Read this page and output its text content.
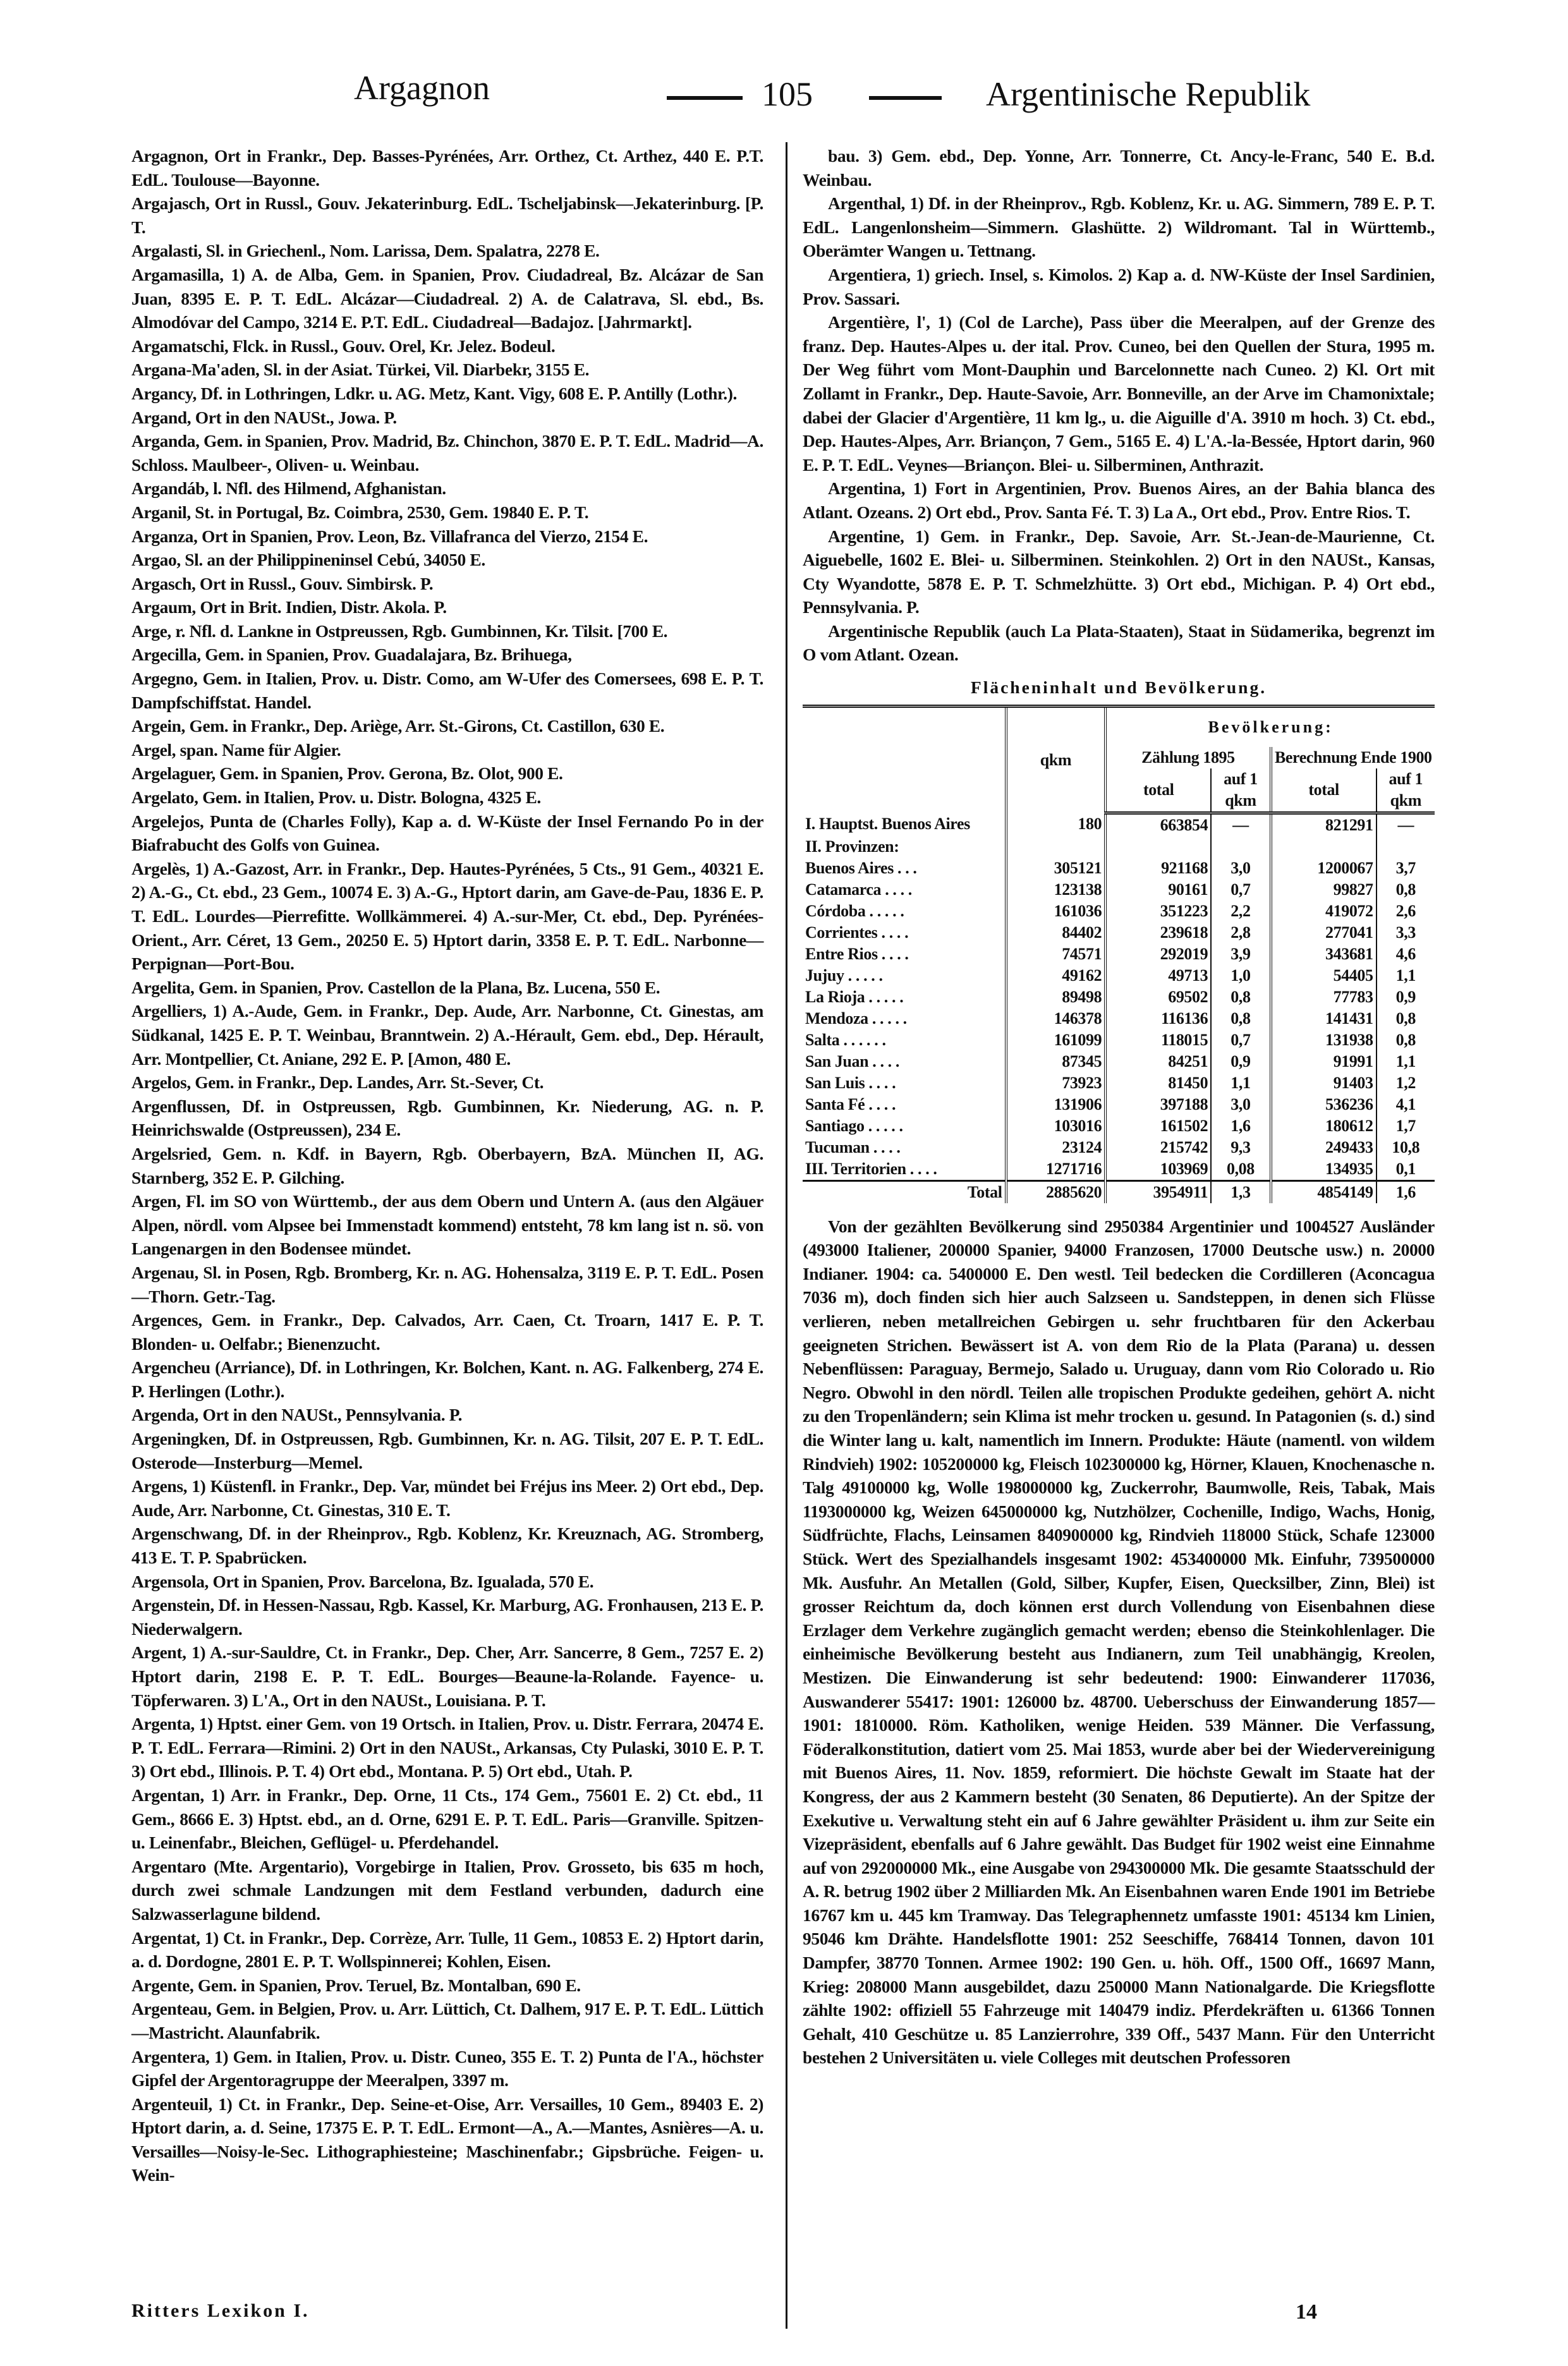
Argagnon	105	Argentinische Republik

Argagnon, Ort in Frankr., Dep. Basses-Pyrénées, Arr. Orthez, Ct. Arthez, 440 E. P.T. EdL. Toulouse—Bayonne.

Argajasch, Ort in Russl., Gouv. Jekaterinburg. EdL. Tscheljabinsk—Jekaterinburg. [P. T.

Argalasti, Sl. in Griechenl., Nom. Larissa, Dem. Spalatra, 2278 E.

Argamasilla, 1) A. de Alba, Gem. in Spanien, Prov. Ciudadreal, Bz. Alcázar de San Juan, 8395 E. P. T. EdL. Alcázar—Ciudadreal. 2) A. de Calatrava, Sl. ebd., Bs. Almodóvar del Campo, 3214 E. P.T. EdL. Ciudadreal—Badajoz. [Jahrmarkt].

Argamatschi, Flck. in Russl., Gouv. Orel, Kr. Jelez. Bodeul.

Argana-Ma'aden, Sl. in der Asiat. Türkei, Vil. Diarbekr, 3155 E.

Argancy, Df. in Lothringen, Ldkr. u. AG. Metz, Kant. Vigy, 608 E. P. Antilly (Lothr.).

Argand, Ort in den NAUSt., Jowa. P.

Arganda, Gem. in Spanien, Prov. Madrid, Bz. Chinchon, 3870 E. P. T. EdL. Madrid—A. Schloss. Maulbeer-, Oliven- u. Weinbau.

Argandáb, l. Nfl. des Hilmend, Afghanistan.

Arganil, St. in Portugal, Bz. Coimbra, 2530, Gem. 19840 E. P. T.

Arganza, Ort in Spanien, Prov. Leon, Bz. Villafranca del Vierzo, 2154 E.

Argao, Sl. an der Philippineninsel Cebú, 34050 E.

Argasch, Ort in Russl., Gouv. Simbirsk. P.

Argaum, Ort in Brit. Indien, Distr. Akola. P.

Arge, r. Nfl. d. Lankne in Ostpreussen, Rgb. Gumbinnen, Kr. Tilsit. [700 E.

Argecilla, Gem. in Spanien, Prov. Guadalajara, Bz. Brihuega,

Argegno, Gem. in Italien, Prov. u. Distr. Como, am W-Ufer des Comersees, 698 E. P. T. Dampfschiffstat. Handel.

Argein, Gem. in Frankr., Dep. Ariège, Arr. St.-Girons, Ct. Castillon, 630 E.

Argel, span. Name für Algier.

Argelaguer, Gem. in Spanien, Prov. Gerona, Bz. Olot, 900 E.

Argelato, Gem. in Italien, Prov. u. Distr. Bologna, 4325 E.

Argelejos, Punta de (Charles Folly), Kap a. d. W-Küste der Insel Fernando Po in der Biafrabucht des Golfs von Guinea.

Argelès, 1) A.-Gazost, Arr. in Frankr., Dep. Hautes-Pyrénées, 5 Cts., 91 Gem., 40321 E. 2) A.-G., Ct. ebd., 23 Gem., 10074 E. 3) A.-G., Hptort darin, am Gave-de-Pau, 1836 E. P. T. EdL. Lourdes—Pierrefitte. Wollkämmerei. 4) A.-sur-Mer, Ct. ebd., Dep. Pyrénées-Orient., Arr. Céret, 13 Gem., 20250 E. 5) Hptort darin, 3358 E. P. T. EdL. Narbonne—Perpignan—Port-Bou.

Argelita, Gem. in Spanien, Prov. Castellon de la Plana, Bz. Lucena, 550 E.

Argelliers, 1) A.-Aude, Gem. in Frankr., Dep. Aude, Arr. Narbonne, Ct. Ginestas, am Südkanal, 1425 E. P. T. Weinbau, Branntwein. 2) A.-Hérault, Gem. ebd., Dep. Hérault, Arr. Montpellier, Ct. Aniane, 292 E. P. [Amon, 480 E.

Argelos, Gem. in Frankr., Dep. Landes, Arr. St.-Sever, Ct.

Argenflussen, Df. in Ostpreussen, Rgb. Gumbinnen, Kr. Niederung, AG. n. P. Heinrichswalde (Ostpreussen), 234 E.

Argelsried, Gem. n. Kdf. in Bayern, Rgb. Oberbayern, BzA. München II, AG. Starnberg, 352 E. P. Gilching.

Argen, Fl. im SO von Württemb., der aus dem Obern und Untern A. (aus den Algäuer Alpen, nördl. vom Alpsee bei Immenstadt kommend) entsteht, 78 km lang ist n. sö. von Langenargen in den Bodensee mündet.

Argenau, Sl. in Posen, Rgb. Bromberg, Kr. n. AG. Hohensalza, 3119 E. P. T. EdL. Posen—Thorn. Getr.-Tag.

Argences, Gem. in Frankr., Dep. Calvados, Arr. Caen, Ct. Troarn, 1417 E. P. T. Blonden- u. Oelfabr.; Bienenzucht.

Argencheu (Arriance), Df. in Lothringen, Kr. Bolchen, Kant. n. AG. Falkenberg, 274 E. P. Herlingen (Lothr.).

Argenda, Ort in den NAUSt., Pennsylvania. P.

Argeningken, Df. in Ostpreussen, Rgb. Gumbinnen, Kr. n. AG. Tilsit, 207 E. P. T. EdL. Osterode—Insterburg—Memel.

Argens, 1) Küstenfl. in Frankr., Dep. Var, mündet bei Fréjus ins Meer. 2) Ort ebd., Dep. Aude, Arr. Narbonne, Ct. Ginestas, 310 E. T.

Argenschwang, Df. in der Rheinprov., Rgb. Koblenz, Kr. Kreuznach, AG. Stromberg, 413 E. T. P. Spabrücken.

Argensola, Ort in Spanien, Prov. Barcelona, Bz. Igualada, 570 E.

Argenstein, Df. in Hessen-Nassau, Rgb. Kassel, Kr. Marburg, AG. Fronhausen, 213 E. P. Niederwalgern.

Argent, 1) A.-sur-Sauldre, Ct. in Frankr., Dep. Cher, Arr. Sancerre, 8 Gem., 7257 E. 2) Hptort darin, 2198 E. P. T. EdL. Bourges—Beaune-la-Rolande. Fayence- u. Töpferwaren. 3) L'A., Ort in den NAUSt., Louisiana. P. T.

Argenta, 1) Hptst. einer Gem. von 19 Ortsch. in Italien, Prov. u. Distr. Ferrara, 20474 E. P. T. EdL. Ferrara—Rimini. 2) Ort in den NAUSt., Arkansas, Cty Pulaski, 3010 E. P. T. 3) Ort ebd., Illinois. P. T. 4) Ort ebd., Montana. P. 5) Ort ebd., Utah. P.

Argentan, 1) Arr. in Frankr., Dep. Orne, 11 Cts., 174 Gem., 75601 E. 2) Ct. ebd., 11 Gem., 8666 E. 3) Hptst. ebd., an d. Orne, 6291 E. P. T. EdL. Paris—Granville. Spitzen- u. Leinenfabr., Bleichen, Geflügel- u. Pferdehandel.

Argentaro (Mte. Argentario), Vorgebirge in Italien, Prov. Grosseto, bis 635 m hoch, durch zwei schmale Landzungen mit dem Festland verbunden, dadurch eine Salzwasserlagune bildend.

Argentat, 1) Ct. in Frankr., Dep. Corrèze, Arr. Tulle, 11 Gem., 10853 E. 2) Hptort darin, a. d. Dordogne, 2801 E. P. T. Wollspinnerei; Kohlen, Eisen.

Argente, Gem. in Spanien, Prov. Teruel, Bz. Montalban, 690 E.

Argenteau, Gem. in Belgien, Prov. u. Arr. Lüttich, Ct. Dalhem, 917 E. P. T. EdL. Lüttich—Mastricht. Alaunfabrik.

Argentera, 1) Gem. in Italien, Prov. u. Distr. Cuneo, 355 E. T. 2) Punta de l'A., höchster Gipfel der Argentoragruppe der Meeralpen, 3397 m.

Argenteuil, 1) Ct. in Frankr., Dep. Seine-et-Oise, Arr. Versailles, 10 Gem., 89403 E. 2) Hptort darin, a. d. Seine, 17375 E. P. T. EdL. Ermont—A., A.—Mantes, Asnières—A. u. Versailles—Noisy-le-Sec. Lithographiesteine; Maschinenfabr.; Gipsbrüche. Feigen- u. Wein-

bau. 3) Gem. ebd., Dep. Yonne, Arr. Tonnerre, Ct. Ancy-le-Franc, 540 E. B.d. Weinbau.

Argenthal, 1) Df. in der Rheinprov., Rgb. Koblenz, Kr. u. AG. Simmern, 789 E. P. T. EdL. Langenlonsheim—Simmern. Glashütte. 2) Wildromant. Tal in Württemb., Oberämter Wangen u. Tettnang.

Argentiera, 1) griech. Insel, s. Kimolos. 2) Kap a. d. NW-Küste der Insel Sardinien, Prov. Sassari.

Argentière, l', 1) (Col de Larche), Pass über die Meeralpen, auf der Grenze des franz. Dep. Hautes-Alpes u. der ital. Prov. Cuneo, bei den Quellen der Stura, 1995 m. Der Weg führt vom Mont-Dauphin und Barcelonnette nach Cuneo. 2) Kl. Ort mit Zollamt in Frankr., Dep. Haute-Savoie, Arr. Bonneville, an der Arve im Chamonixtale; dabei der Glacier d'Argentière, 11 km lg., u. die Aiguille d'A. 3910 m hoch. 3) Ct. ebd., Dep. Hautes-Alpes, Arr. Briançon, 7 Gem., 5165 E. 4) L'A.-la-Bessée, Hptort darin, 960 E. P. T. EdL. Veynes—Briançon. Blei- u. Silberminen, Anthrazit.

Argentina, 1) Fort in Argentinien, Prov. Buenos Aires, an der Bahia blanca des Atlant. Ozeans. 2) Ort ebd., Prov. Santa Fé. T. 3) La A., Ort ebd., Prov. Entre Rios. T.

Argentine, 1) Gem. in Frankr., Dep. Savoie, Arr. St.-Jean-de-Maurienne, Ct. Aiguebelle, 1602 E. Blei- u. Silberminen. Steinkohlen. 2) Ort in den NAUSt., Kansas, Cty Wyandotte, 5878 E. P. T. Schmelzhütte. 3) Ort ebd., Michigan. P. 4) Ort ebd., Pennsylvania. P.

Argentinische Republik (auch La Plata-Staaten), Staat in Südamerika, begrenzt im O vom Atlant. Ozean.

Flächeninhalt und Bevölkerung.
	qkm	Bevölkerung:			
		Zählung 1895		Berechnung Ende 1900	
		total	auf 1 qkm	total	auf 1 qkm
I. Hauptst. Buenos Aires	180	663854	—	821291	—
II. Provinzen:					
Buenos Aires . . .	305121	921168	3,0	1200067	3,7
Catamarca . . . .	123138	90161	0,7	99827	0,8
Córdoba . . . . .	161036	351223	2,2	419072	2,6
Corrientes . . . .	84402	239618	2,8	277041	3,3
Entre Rios . . . .	74571	292019	3,9	343681	4,6
Jujuy . . . . .	49162	49713	1,0	54405	1,1
La Rioja . . . . .	89498	69502	0,8	77783	0,9
Mendoza . . . . .	146378	116136	0,8	141431	0,8
Salta . . . . . .	161099	118015	0,7	131938	0,8
San Juan . . . .	87345	84251	0,9	91991	1,1
San Luis . . . .	73923	81450	1,1	91403	1,2
Santa Fé . . . .	131906	397188	3,0	536236	4,1
Santiago . . . . .	103016	161502	1,6	180612	1,7
Tucuman . . . .	23124	215742	9,3	249433	10,8
III. Territorien . . . .	1271716	103969	0,08	134935	0,1
Total	2885620	3954911	1,3	4854149	1,6

Von der gezählten Bevölkerung sind 2950384 Argentinier und 1004527 Ausländer (493000 Italiener, 200000 Spanier, 94000 Franzosen, 17000 Deutsche usw.) n. 20000 Indianer. 1904: ca. 5400000 E. Den westl. Teil bedecken die Cordilleren (Aconcagua 7036 m), doch finden sich hier auch Salzseen u. Sandsteppen, in denen sich Flüsse verlieren, neben metallreichen Gebirgen u. sehr fruchtbaren für den Ackerbau geeigneten Strichen. Bewässert ist A. von dem Rio de la Plata (Parana) u. dessen Nebenflüssen: Paraguay, Bermejo, Salado u. Uruguay, dann vom Rio Colorado u. Rio Negro. Obwohl in den nördl. Teilen alle tropischen Produkte gedeihen, gehört A. nicht zu den Tropenländern; sein Klima ist mehr trocken u. gesund. In Patagonien (s. d.) sind die Winter lang u. kalt, namentlich im Innern. Produkte: Häute (namentl. von wildem Rindvieh) 1902: 105200000 kg, Fleisch 102300000 kg, Hörner, Klauen, Knochenasche n. Talg 49100000 kg, Wolle 198000000 kg, Zuckerrohr, Baumwolle, Reis, Tabak, Mais 1193000000 kg, Weizen 645000000 kg, Nutzhölzer, Cochenille, Indigo, Wachs, Honig, Südfrüchte, Flachs, Leinsamen 840900000 kg, Rindvieh 118000 Stück, Schafe 123000 Stück. Wert des Spezialhandels insgesamt 1902: 453400000 Mk. Einfuhr, 739500000 Mk. Ausfuhr. An Metallen (Gold, Silber, Kupfer, Eisen, Quecksilber, Zinn, Blei) ist grosser Reichtum da, doch können erst durch Vollendung von Eisenbahnen diese Erzlager dem Verkehre zugänglich gemacht werden; ebenso die Steinkohlenlager. Die einheimische Bevölkerung besteht aus Indianern, zum Teil unabhängig, Kreolen, Mestizen. Die Einwanderung ist sehr bedeutend: 1900: Einwanderer 117036, Auswanderer 55417: 1901: 126000 bz. 48700. Ueberschuss der Einwanderung 1857—1901: 1810000. Röm. Katholiken, wenige Heiden. 539 Männer. Die Verfassung, Föderalkonstitution, datiert vom 25. Mai 1853, wurde aber bei der Wiedervereinigung mit Buenos Aires, 11. Nov. 1859, reformiert. Die höchste Gewalt im Staate hat der Kongress, der aus 2 Kammern besteht (30 Senaten, 86 Deputierte). An der Spitze der Exekutive u. Verwaltung steht ein auf 6 Jahre gewählter Präsident u. ihm zur Seite ein Vizepräsident, ebenfalls auf 6 Jahre gewählt. Das Budget für 1902 weist eine Einnahme auf von 292000000 Mk., eine Ausgabe von 294300000 Mk. Die gesamte Staatsschuld der A. R. betrug 1902 über 2 Milliarden Mk. An Eisenbahnen waren Ende 1901 im Betriebe 16767 km u. 445 km Tramway. Das Telegraphennetz umfasste 1901: 45134 km Linien, 95046 km Drähte. Handelsflotte 1901: 252 Seeschiffe, 768414 Tonnen, davon 101 Dampfer, 38770 Tonnen. Armee 1902: 190 Gen. u. höh. Off., 1500 Off., 16697 Mann, Krieg: 208000 Mann ausgebildet, dazu 250000 Mann Nationalgarde. Die Kriegsflotte zählte 1902: offiziell 55 Fahrzeuge mit 140479 indiz. Pferdekräften u. 61366 Tonnen Gehalt, 410 Geschütze u. 85 Lanzierrohre, 339 Off., 5437 Mann. Für den Unterricht bestehen 2 Universitäten u. viele Colleges mit deutschen Professoren

Ritters Lexikon I.	14
